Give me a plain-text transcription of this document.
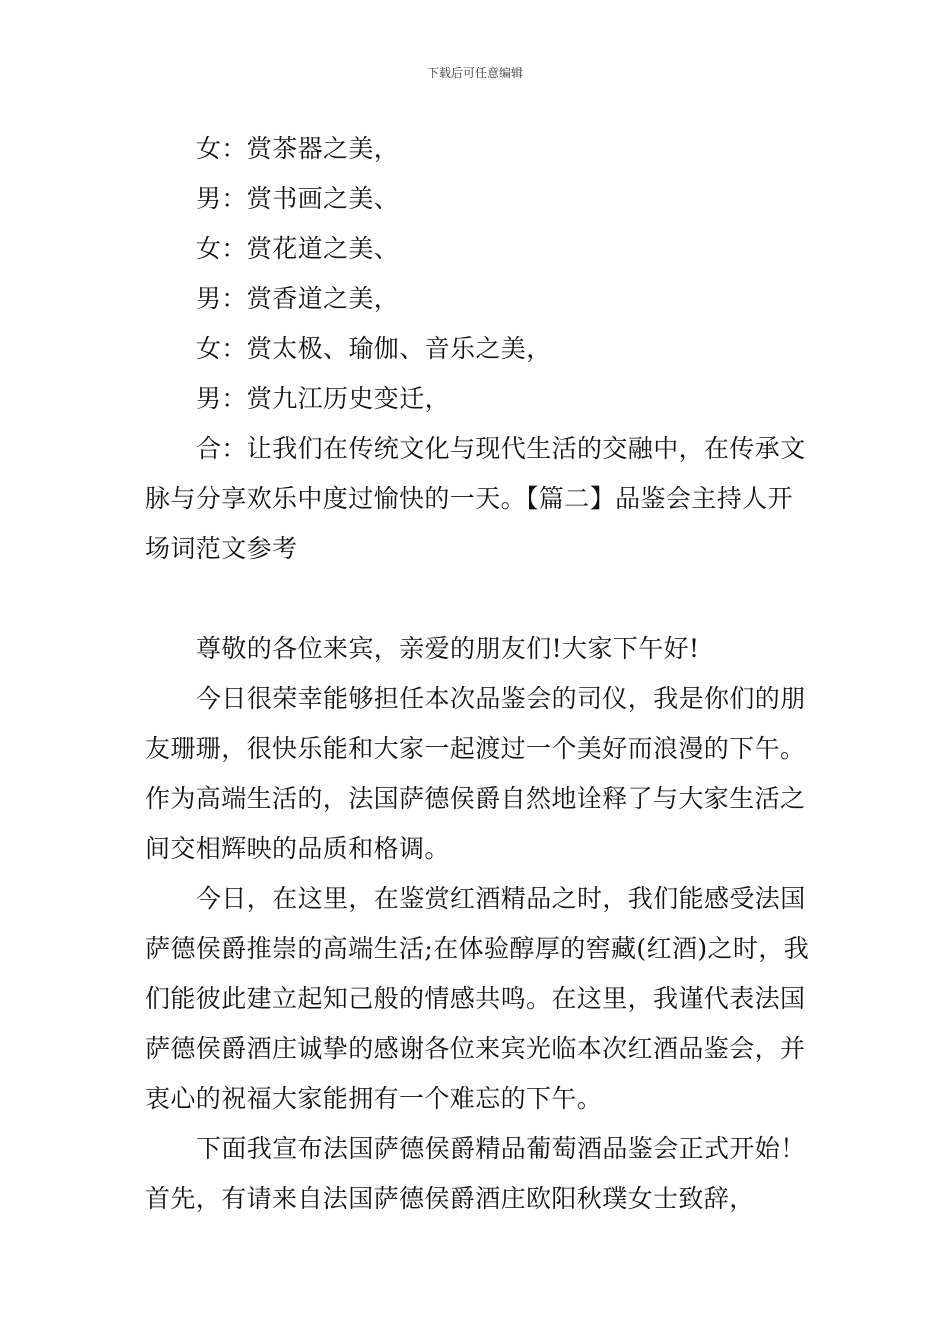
下载后可任意编辑

女：赏茶器之美，

男：赏书画之美、

女：赏花道之美、

男：赏香道之美，

女：赏太极、瑜伽、音乐之美，

男：赏九江历史变迁，

合：让我们在传统文化与现代生活的交融中，在传承文脉与分享欢乐中度过愉快的一天。【篇二】品鉴会主持人开场词范文参考

尊敬的各位来宾，亲爱的朋友们!大家下午好!

今日很荣幸能够担任本次品鉴会的司仪，我是你们的朋友珊珊，很快乐能和大家一起渡过一个美好而浪漫的下午。作为高端生活的，法国萨德侯爵自然地诠释了与大家生活之间交相辉映的品质和格调。

今日，在这里，在鉴赏红酒精品之时，我们能感受法国萨德侯爵推崇的高端生活;在体验醇厚的窖藏(红酒)之时，我们能彼此建立起知己般的情感共鸣。在这里，我谨代表法国萨德侯爵酒庄诚挚的感谢各位来宾光临本次红酒品鉴会，并衷心的祝福大家能拥有一个难忘的下午。

下面我宣布法国萨德侯爵精品葡萄酒品鉴会正式开始！首先，有请来自法国萨德侯爵酒庄欧阳秋璞女士致辞，
